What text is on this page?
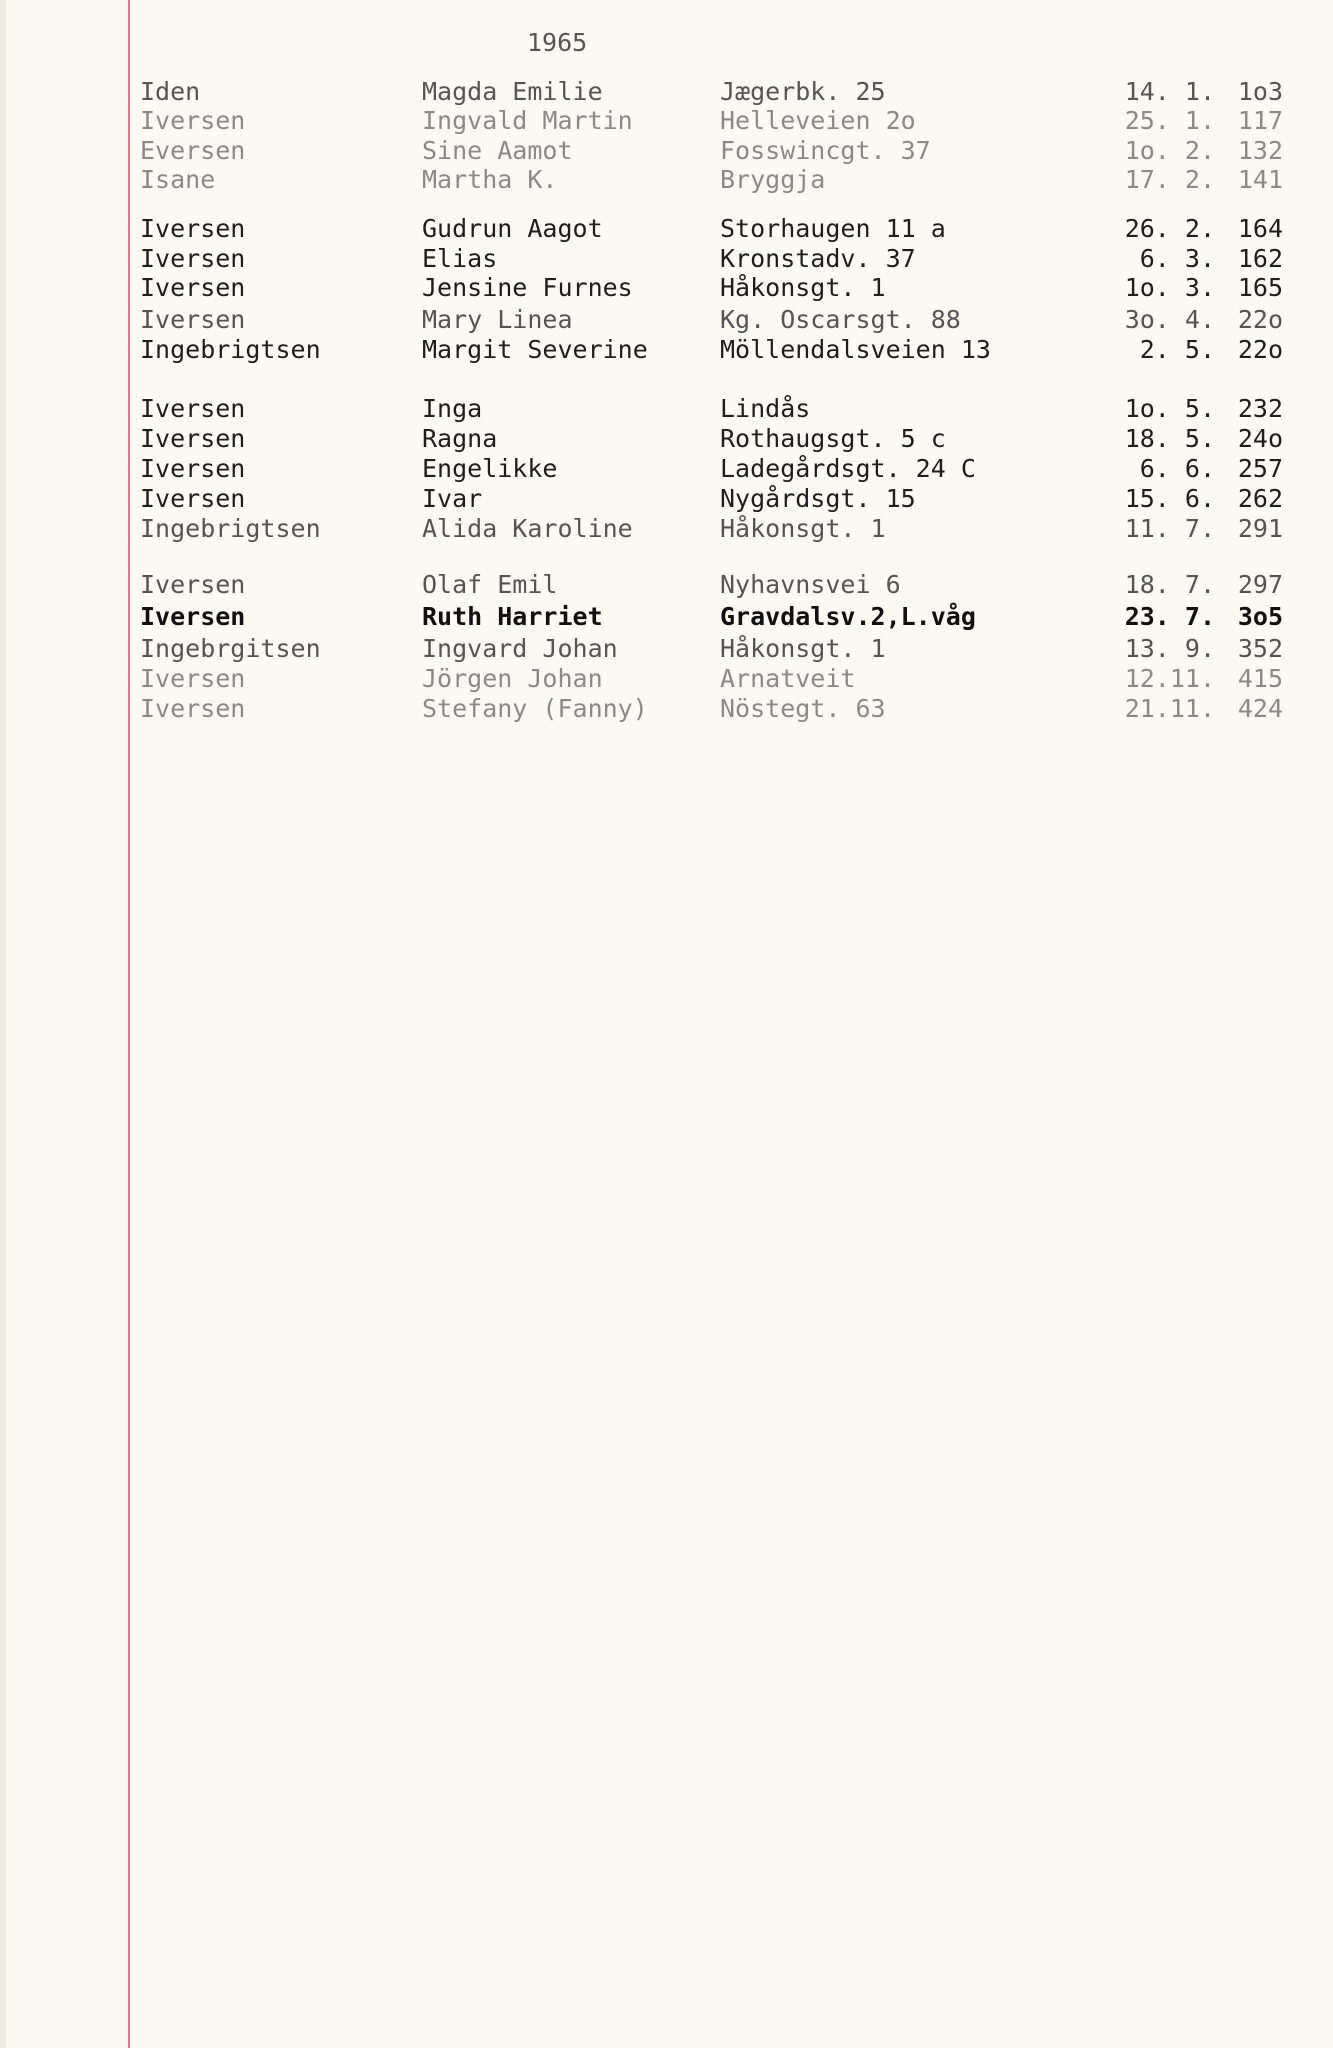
1965
Iden	Magda Emilie	Jægerbk. 25	14. 1. 1o3
Iversen	Ingvald Martin	Helleveien 2o	25. 1. 117
Eversen	Sine Aamot	Fosswincgt. 37	1o. 2. 132
Isane	Martha K.	Bryggja	17. 2. 141
Iversen	Gudrun Aagot	Storhaugen 11 a	26. 2. 164
Iversen	Elias	Kronstadv. 37	6. 3. 162
Iversen	Jensine Furnes	Håkonsgt. 1	1o. 3. 165
Iversen	Mary Linea	Kg. Oscarsgt. 88	3o. 4. 22o
Ingebrigtsen	Margit Severine	Möllendalsveien 13	2. 5. 22o
Iversen	Inga	Lindås	1o. 5. 232
Iversen	Ragna	Rothaugsgt. 5 c	18. 5. 24o
Iversen	Engelikke	Ladegårdsgt. 24 C	6. 6. 257
Iversen	Ivar	Nygårdsgt. 15	15. 6. 262
Ingebrigtsen	Alida Karoline	Håkonsgt. 1	11. 7. 291
Iversen	Olaf Emil	Nyhavnsvei 6	18. 7. 297
Iversen	Ruth Harriet	Gravdalsv.2,L.våg	23. 7. 3o5
Ingebrgitsen	Ingvard Johan	Håkonsgt. 1	13. 9. 352
Iversen	Jörgen Johan	Arnatveit	12.11. 415
Iversen	Stefany (Fanny)	Nöstegt. 63	21.11. 424
